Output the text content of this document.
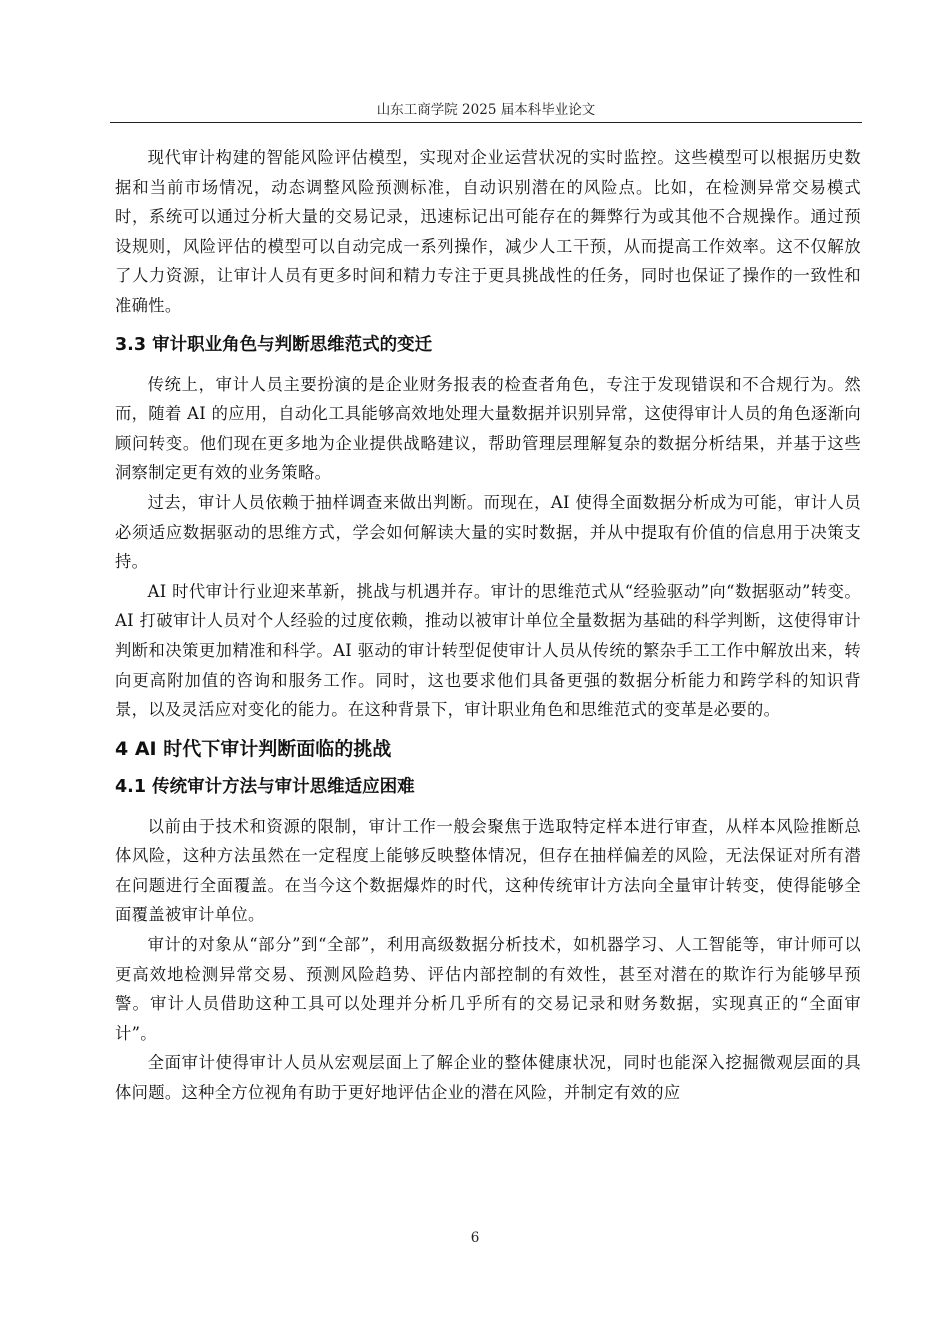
山东工商学院 2025 届本科毕业论文

现代审计构建的智能风险评估模型，实现对企业运营状况的实时监控。这些模型可以根据历史数据和当前市场情况，动态调整风险预测标准，自动识别潜在的风险点。比如，在检测异常交易模式时，系统可以通过分析大量的交易记录，迅速标记出可能存在的舞弊行为或其他不合规操作。通过预设规则，风险评估的模型可以自动完成一系列操作，减少人工干预，从而提高工作效率。这不仅解放了人力资源，让审计人员有更多时间和精力专注于更具挑战性的任务，同时也保证了操作的一致性和准确性。

3.3 审计职业角色与判断思维范式的变迁

传统上，审计人员主要扮演的是企业财务报表的检查者角色，专注于发现错误和不合规行为。然而，随着 AI 的应用，自动化工具能够高效地处理大量数据并识别异常，这使得审计人员的角色逐渐向顾问转变。他们现在更多地为企业提供战略建议，帮助管理层理解复杂的数据分析结果，并基于这些洞察制定更有效的业务策略。

过去，审计人员依赖于抽样调查来做出判断。而现在，AI 使得全面数据分析成为可能，审计人员必须适应数据驱动的思维方式，学会如何解读大量的实时数据，并从中提取有价值的信息用于决策支持。

AI 时代审计行业迎来革新，挑战与机遇并存。审计的思维范式从“经验驱动”向“数据驱动”转变。AI 打破审计人员对个人经验的过度依赖，推动以被审计单位全量数据为基础的科学判断，这使得审计判断和决策更加精准和科学。AI 驱动的审计转型促使审计人员从传统的繁杂手工工作中解放出来，转向更高附加值的咨询和服务工作。同时，这也要求他们具备更强的数据分析能力和跨学科的知识背景，以及灵活应对变化的能力。在这种背景下，审计职业角色和思维范式的变革是必要的。

4 AI 时代下审计判断面临的挑战
4.1 传统审计方法与审计思维适应困难

以前由于技术和资源的限制，审计工作一般会聚焦于选取特定样本进行审查，从样本风险推断总体风险，这种方法虽然在一定程度上能够反映整体情况，但存在抽样偏差的风险，无法保证对所有潜在问题进行全面覆盖。在当今这个数据爆炸的时代，这种传统审计方法向全量审计转变，使得能够全面覆盖被审计单位。

审计的对象从“部分”到“全部”，利用高级数据分析技术，如机器学习、人工智能等，审计师可以更高效地检测异常交易、预测风险趋势、评估内部控制的有效性，甚至对潜在的欺诈行为能够早预警。审计人员借助这种工具可以处理并分析几乎所有的交易记录和财务数据，实现真正的“全面审计”。

全面审计使得审计人员从宏观层面上了解企业的整体健康状况，同时也能深入挖掘微观层面的具体问题。这种全方位视角有助于更好地评估企业的潜在风险，并制定有效的应

6
